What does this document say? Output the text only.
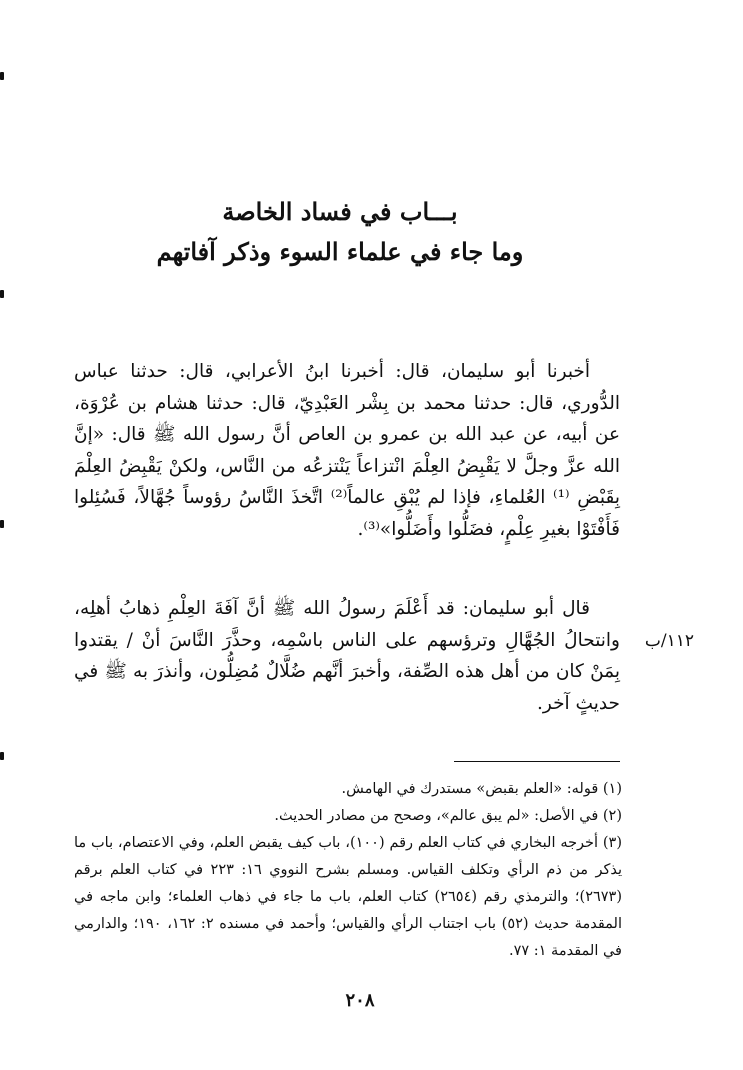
بـــاب في فساد الخاصة
وما جاء في علماء السوء وذكر آفاتهم

أخبرنا أبو سليمان، قال: أخبرنا ابنُ الأعرابي، قال: حدثنا عباس الدُّوري، قال: حدثنا محمد بن بِشْر العَبْدِيّ، قال: حدثنا هشام بن عُرْوَة، عن أبيه، عن عبد الله بن عمرو بن العاص أنَّ رسول الله ﷺ قال: «إنَّ الله عزَّ وجلَّ لا يَقْبِضُ العِلْمَ انْتزاعاً يَنْتزعُه من النَّاس، ولكنْ يَقْبِضُ العِلْمَ بِقَبْضِ ⁽¹⁾ العُلماءِ، فإذا لم يُبْقِ عالماً⁽²⁾ اتَّخذَ النَّاسُ رؤوساً جُهَّالاً، فَسُئِلوا فَأَفْتَوْا بغيرِ عِلْمٍ، فضَلُّوا وأَضَلُّوا»⁽³⁾.

قال أبو سليمان: قد أَعْلَمَ رسولُ الله ﷺ أنَّ آفَةَ العِلْمِ ذهابُ أهلِه، وانتحالُ الجُهَّالِ وترؤسهم على الناس باسْمِه، وحذَّرَ النَّاسَ أنْ / يقتدوا بِمَنْ كان من أهل هذه الصِّفة، وأخبرَ أنَّهم ضُلَّالٌ مُضِلُّون، وأنذرَ به ﷺ في حديثٍ آخر.

١١٢/ب

(١) قوله: «العلم بقبض» مستدرك في الهامش.

(٢) في الأصل: «لم يبق عالم»، وصحح من مصادر الحديث.

(٣) أخرجه البخاري في كتاب العلم رقم (١٠٠)، باب كيف يقبض العلم، وفي الاعتصام، باب ما يذكر من ذم الرأي وتكلف القياس. ومسلم بشرح النووي ١٦: ٢٢٣ في كتاب العلم برقم (٢٦٧٣)؛ والترمذي رقم (٢٦٥٤) كتاب العلم، باب ما جاء في ذهاب العلماء؛ وابن ماجه في المقدمة حديث (٥٢) باب اجتناب الرأي والقياس؛ وأحمد في مسنده ٢: ١٦٢، ١٩٠؛ والدارمي في المقدمة ١: ٧٧.

٢٠٨
